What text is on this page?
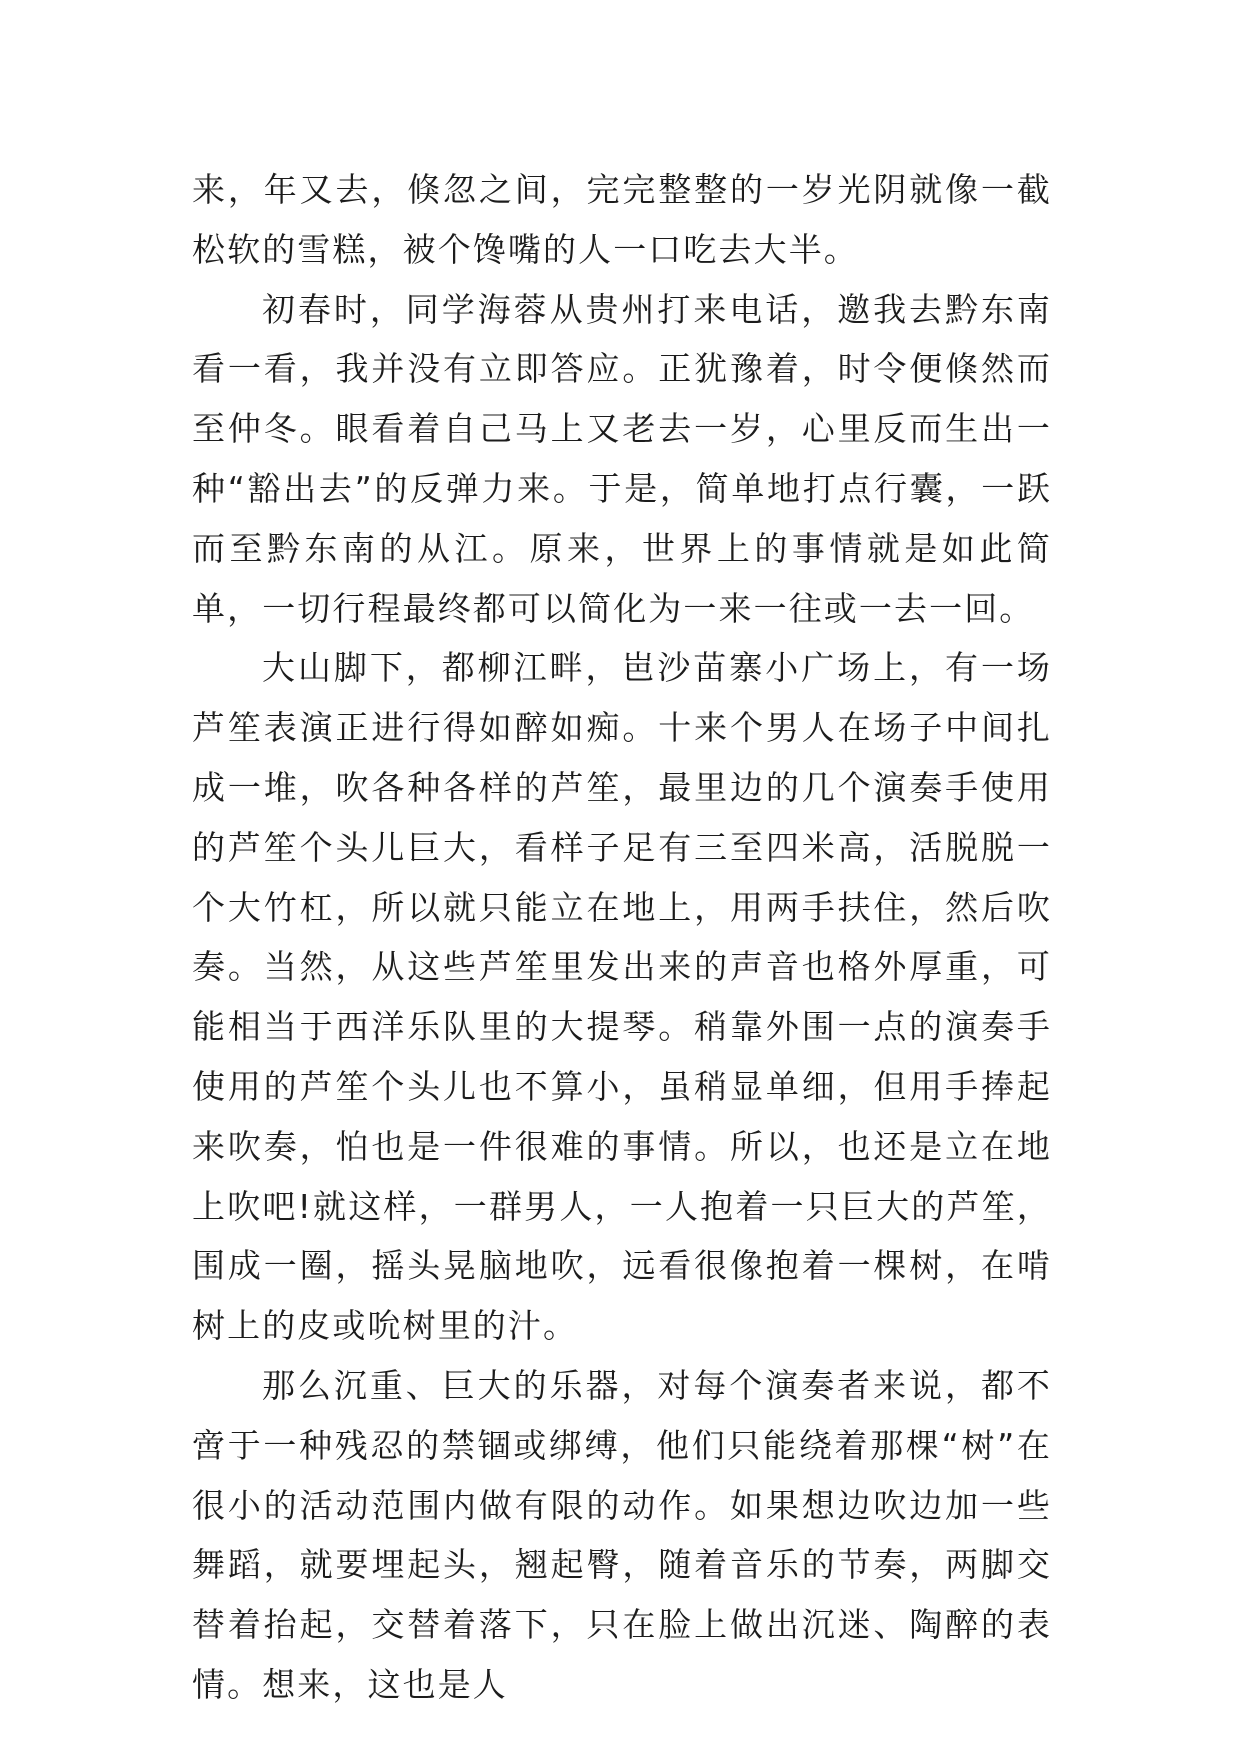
来，年又去，倏忽之间，完完整整的一岁光阴就像一截松软的雪糕，被个馋嘴的人一口吃去大半。

初春时，同学海蓉从贵州打来电话，邀我去黔东南看一看，我并没有立即答应。正犹豫着，时令便倏然而至仲冬。眼看着自己马上又老去一岁，心里反而生出一种“豁出去”的反弹力来。于是，简单地打点行囊，一跃而至黔东南的从江。原来，世界上的事情就是如此简单，一切行程最终都可以简化为一来一往或一去一回。

大山脚下，都柳江畔，岜沙苗寨小广场上，有一场芦笙表演正进行得如醉如痴。十来个男人在场子中间扎成一堆，吹各种各样的芦笙，最里边的几个演奏手使用的芦笙个头儿巨大，看样子足有三至四米高，活脱脱一个大竹杠，所以就只能立在地上，用两手扶住，然后吹奏。当然，从这些芦笙里发出来的声音也格外厚重，可能相当于西洋乐队里的大提琴。稍靠外围一点的演奏手使用的芦笙个头儿也不算小，虽稍显单细，但用手捧起来吹奏，怕也是一件很难的事情。所以，也还是立在地上吹吧!就这样，一群男人，一人抱着一只巨大的芦笙，围成一圈，摇头晃脑地吹，远看很像抱着一棵树，在啃树上的皮或吮树里的汁。

那么沉重、巨大的乐器，对每个演奏者来说，都不啻于一种残忍的禁锢或绑缚，他们只能绕着那棵“树”在很小的活动范围内做有限的动作。如果想边吹边加一些舞蹈，就要埋起头，翘起臀，随着音乐的节奏，两脚交替着抬起，交替着落下，只在脸上做出沉迷、陶醉的表情。想来，这也是人
